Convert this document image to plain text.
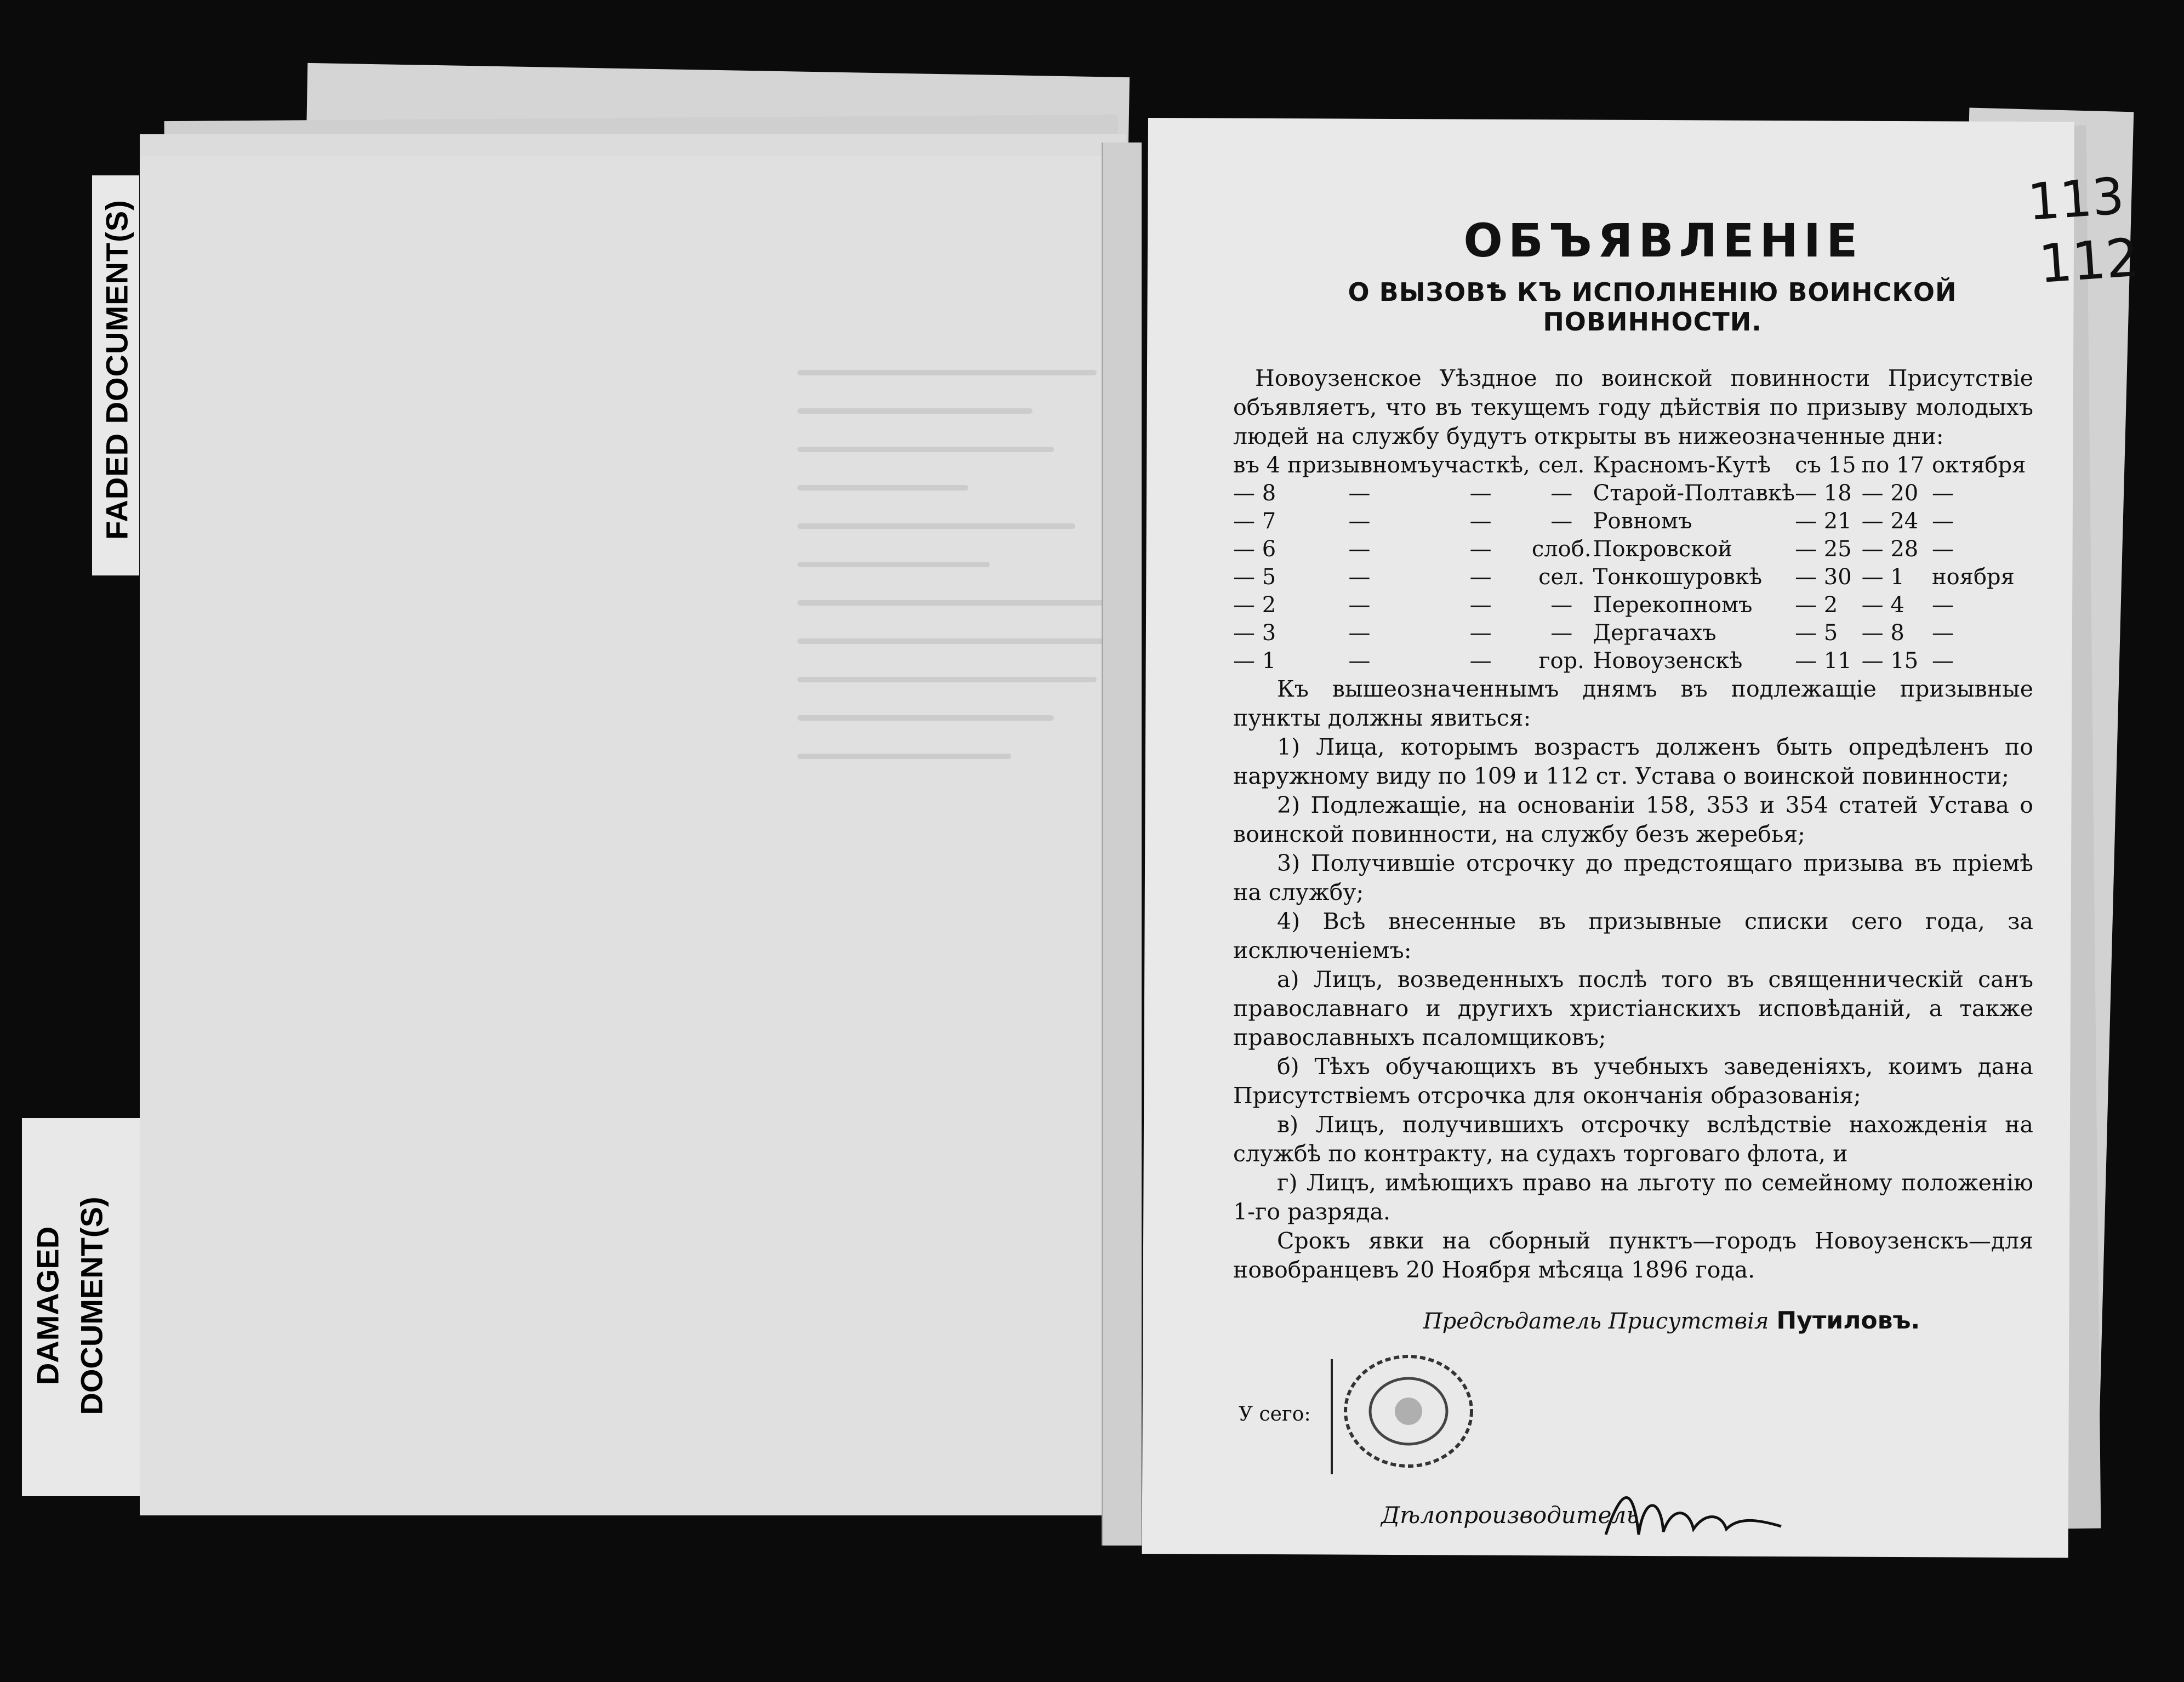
FADED DOCUMENT(S)
DAMAGED DOCUMENT(S)
113
112
ОБЪЯВЛЕНІЕ
О ВЫЗОВѢ КЪ ИСПОЛНЕНІЮ ВОИНСКОЙ ПОВИННОСТИ.
Новоузенское Уѣздное по воинской повинности Присутствіе объявляетъ, что въ текущемъ году дѣйствія по призыву молодыхъ людей на службу будутъ открыты въ нижеозначенные дни:
въ 4	призывномъ	участкѣ,	сел.	Красномъ-Кутѣ	съ 15	по 17	октября
— 8	—	—	—	Старой-Полтавкѣ	— 18	— 20	—
— 7	—	—	—	Ровномъ	— 21	— 24	—
— 6	—	—	слоб.	Покровской	— 25	— 28	—
— 5	—	—	сел.	Тонкошуровкѣ	— 30	— 1	ноября
— 2	—	—	—	Перекопномъ	— 2	— 4	—
— 3	—	—	—	Дергачахъ	— 5	— 8	—
— 1	—	—	гор.	Новоузенскѣ	— 11	— 15	—
Къ вышеозначеннымъ днямъ въ подлежащіе призывные пункты должны явиться:
1) Лица, которымъ возрастъ долженъ быть опредѣленъ по наружному виду по 109 и 112 ст. Устава о воинской повинности;
2) Подлежащіе, на основаніи 158, 353 и 354 статей Устава о воинской повинности, на службу безъ жеребья;
3) Получившіе отсрочку до предстоящаго призыва въ пріемѣ на службу;
4) Всѣ внесенные въ призывные списки сего года, за исключеніемъ:
а) Лицъ, возведенныхъ послѣ того въ священническій санъ православнаго и другихъ христіанскихъ исповѣданій, а также православныхъ псаломщиковъ;
б) Тѣхъ обучающихъ въ учебныхъ заведеніяхъ, коимъ дана Присутствіемъ отсрочка для окончанія образованія;
в) Лицъ, получившихъ отсрочку вслѣдствіе нахожденія на службѣ по контракту, на судахъ торговаго флота, и
г) Лицъ, имѣющихъ право на льготу по семейному положенію 1-го разряда.
Срокъ явки на сборный пунктъ—городъ Новоузенскъ—для новобранцевъ 20 Ноября мѣсяца 1896 года.
Предсѣдатель Присутствія Путиловъ.
У сего:
Дѣлопроизводитель
